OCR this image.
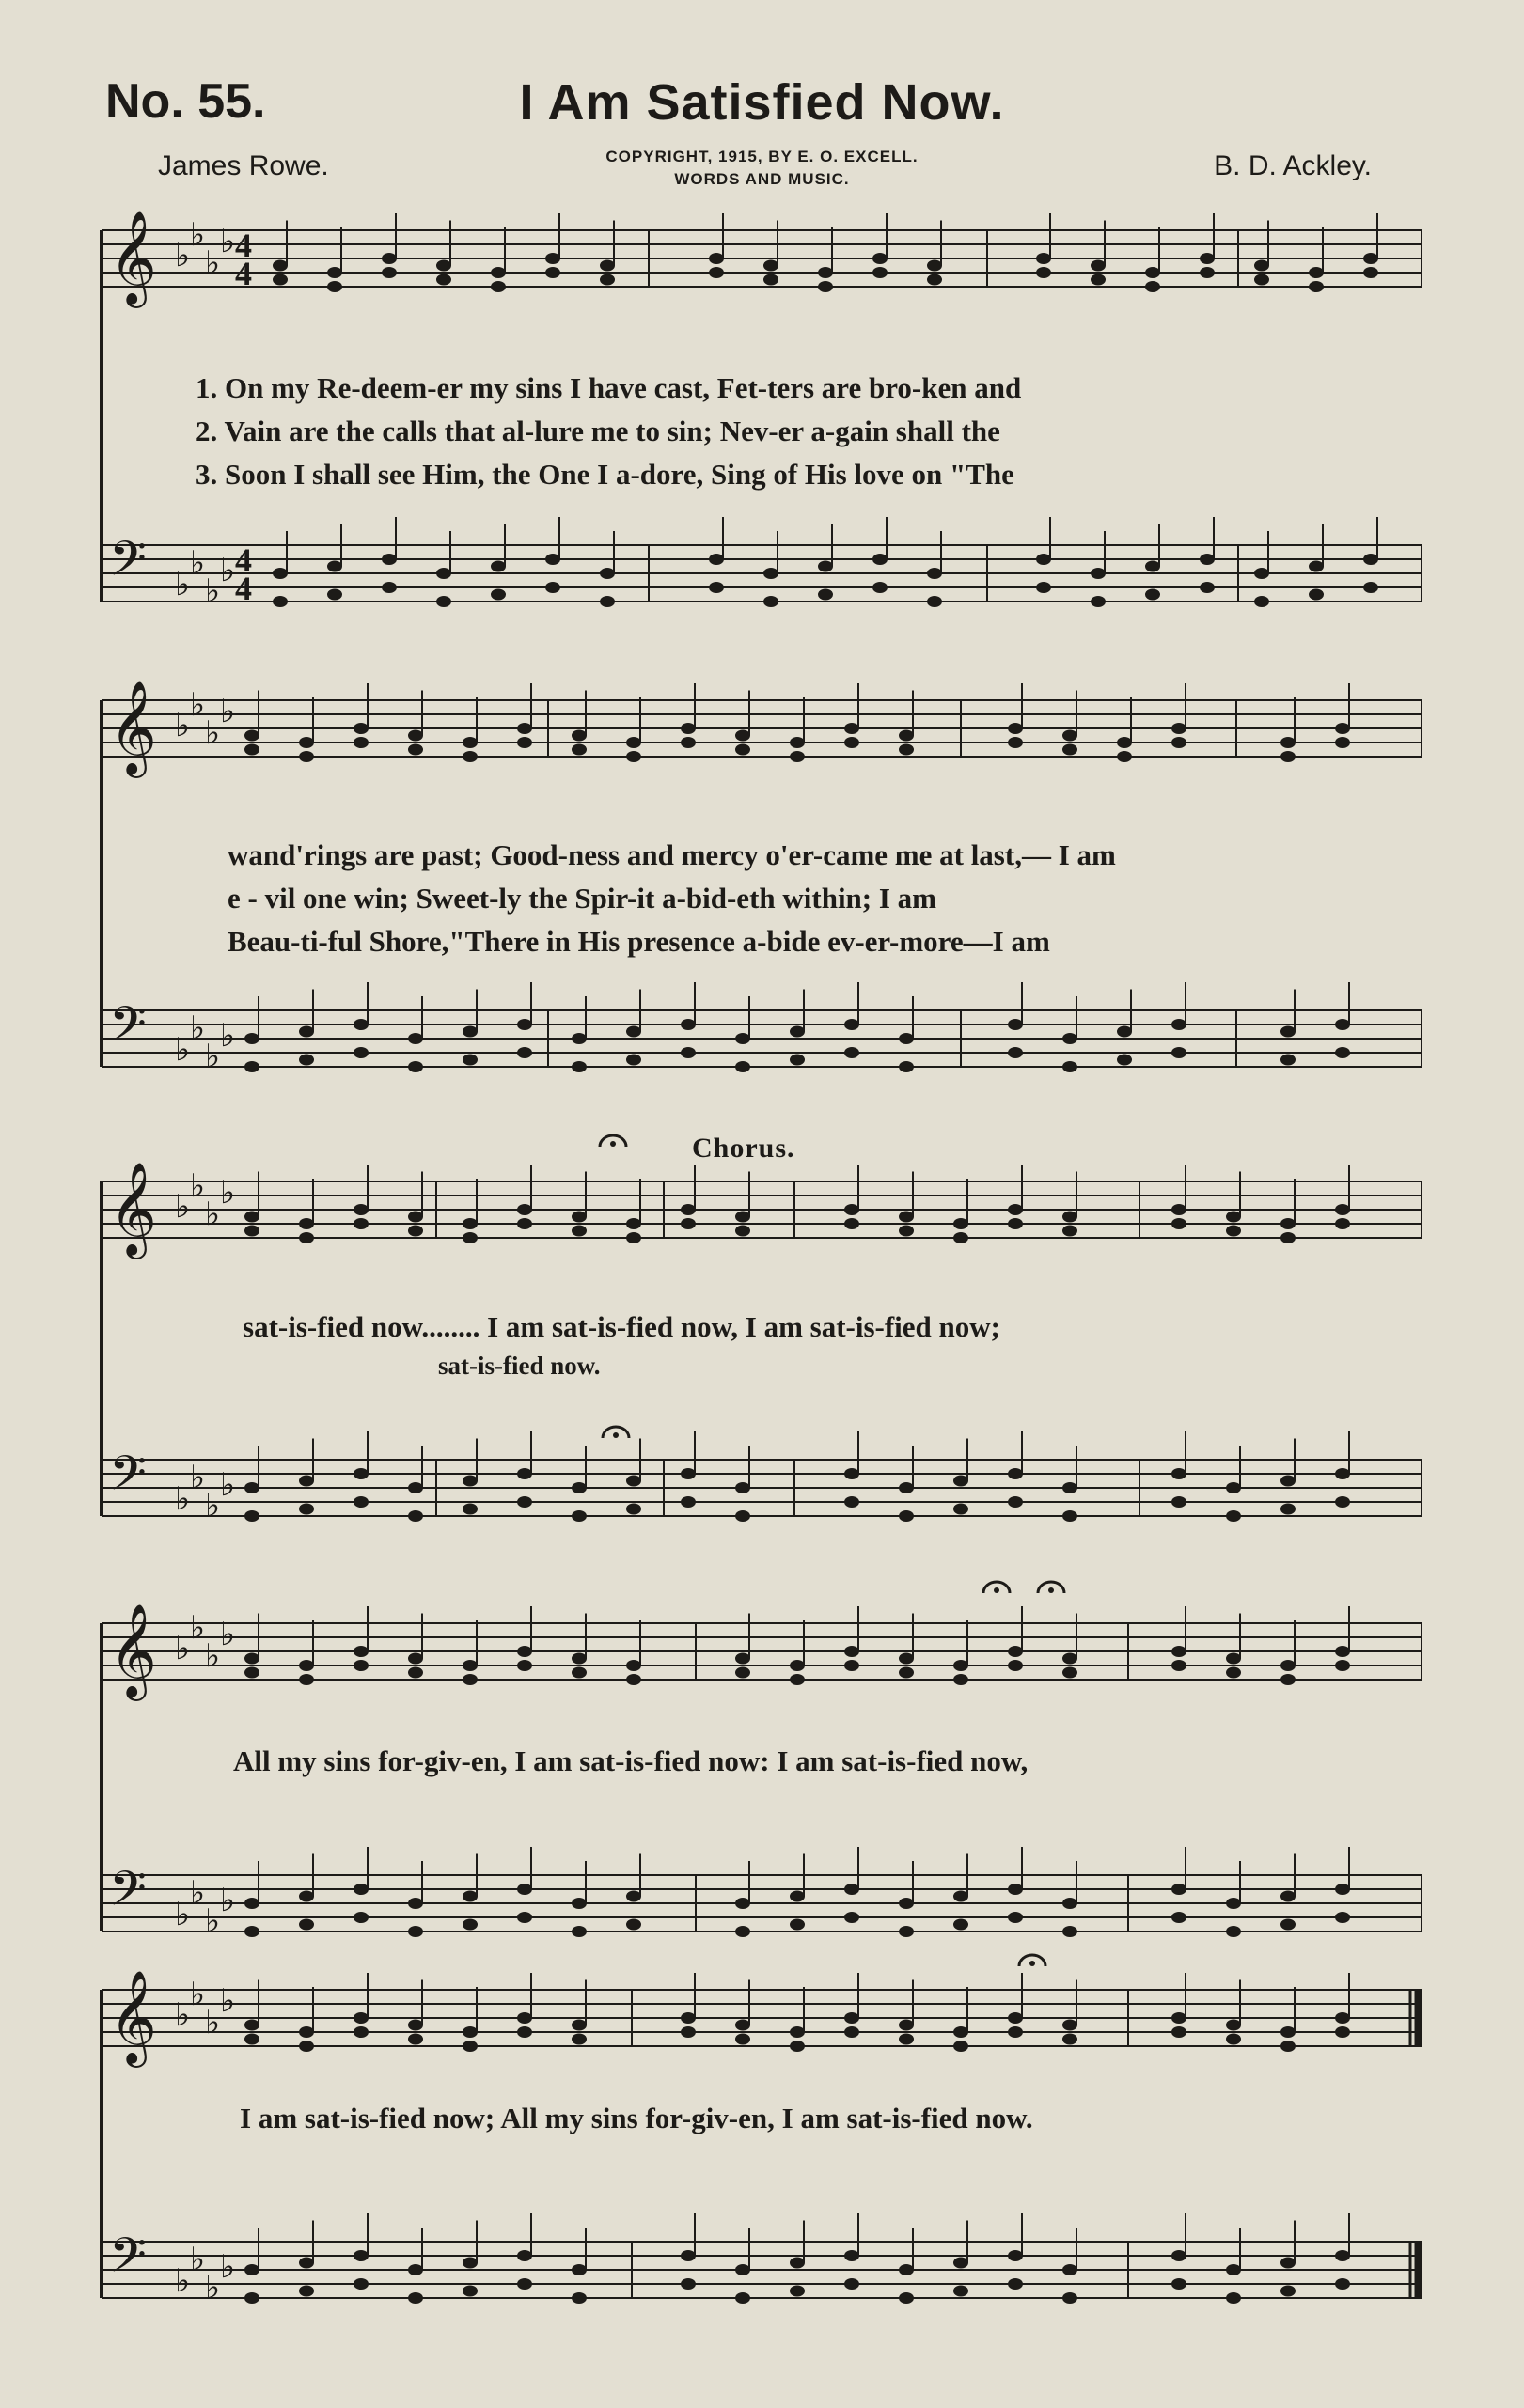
No. 55.	I Am Satisfied Now.
James Rowe.	B. D. Ackley.
COPYRIGHT, 1915, BY E. O. EXCELL.
WORDS AND MUSIC.
𝄞 ♭
♭
♭
♭
𝄢 ♭
♭
♭
♭
𝄞 ♭
♭
♭
♭
𝄢 ♭
♭
♭
♭
𝄞 ♭
♭
♭
♭
𝄢 ♭
♭
♭
♭
𝄞 ♭
♭
♭
♭
𝄢 ♭
♭
♭
♭
𝄞 ♭
♭
♭
♭
𝄢 ♭
♭
♭
♭
4
4
4
4
1. On my Re-deem-er my sins I have cast, Fet-ters are bro-ken and
2. Vain are the calls that al-lure me to sin; Nev-er a-gain shall the
3. Soon I shall see Him, the One I a-dore, Sing of His love on "The
wand'rings are past; Good-ness and mercy o'er-came me at last,— I am
e - vil one win; Sweet-ly the Spir-it a-bid-eth within; I am
Beau-ti-ful Shore,"There in His presence a-bide ev-er-more—I am
Chorus.
sat-is-fied now........ I am sat-is-fied now, I am sat-is-fied now;
sat-is-fied now.
All my sins for-giv-en, I am sat-is-fied now: I am sat-is-fied now,
I am sat-is-fied now; All my sins for-giv-en, I am sat-is-fied now.
